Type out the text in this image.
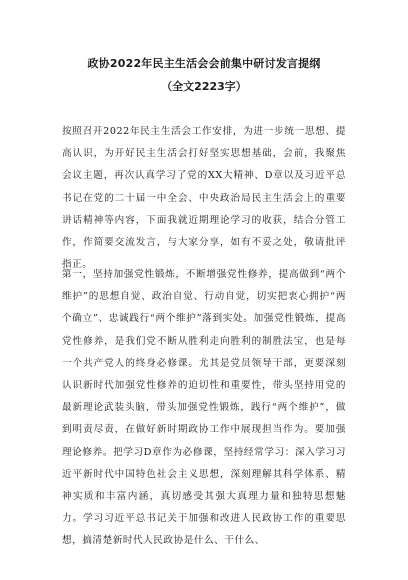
政协2022年民主生活会会前集中研讨发言提纲
（全文2223字）

按照召开2022年民主生活会工作安排，为进一步统一思想、提高认识，为开好民主生活会打好坚实思想基础，会前，我聚焦会议主题，再次认真学习了党的XX大精神、D章以及习近平总书记在党的二十届一中全会、中央政治局民主生活会上的重要讲话精神等内容，下面我就近期理论学习的收获，结合分管工作，作简要交流发言，与大家分享，如有不妥之处，敬请批评指正。

第一，坚持加强党性锻炼，不断增强党性修养，提高做到“两个维护”的思想自觉、政治自觉、行动自觉，切实把衷心拥护“两个确立”、忠诚践行“两个维护”落到实处。加强党性锻炼，提高党性修养，是我们党不断从胜利走向胜利的制胜法宝，也是每一个共产党人的终身必修课。尤其是党员领导干部，更要深刻认识新时代加强党性修养的迫切性和重要性，带头坚持用党的最新理论武装头脑，带头加强党性锻炼，践行“两个维护”，做到明责尽责，在做好新时期政协工作中展现担当作为。要加强理论修养。把学习D章作为必修课，坚持经常学习：深入学习习近平新时代中国特色社会主义思想，深刻理解其科学体系、精神实质和丰富内涵，真切感受其强大真理力量和独特思想魅力。学习习近平总书记关于加强和改进人民政协工作的重要思想，搞清楚新时代人民政协是什么、干什么、
